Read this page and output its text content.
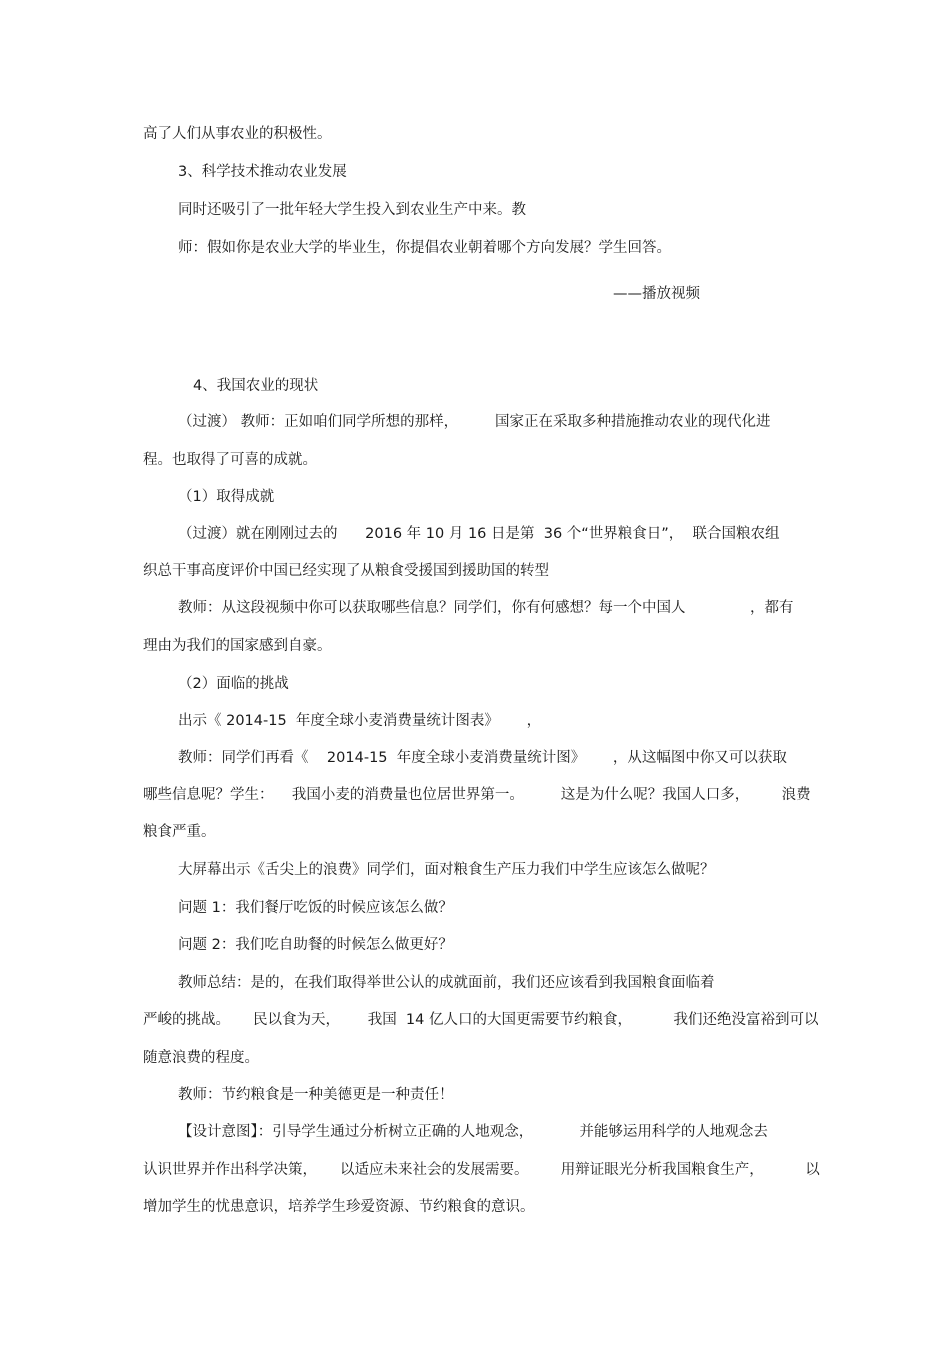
高了人们从事农业的积极性。
3、科学技术推动农业发展
同时还吸引了一批年轻大学生投入到农业生产中来。教
师：假如你是农业大学的毕业生，你提倡农业朝着哪个方向发展？学生回答。
——播放视频
4、我国农业的现状
（过渡） 教师：正如咱们同学所想的那样，        国家正在采取多种措施推动农业的现代化进
程。也取得了可喜的成就。
（1）取得成就
（过渡）就在刚刚过去的      2016 年 10 月 16 日是第  36 个“世界粮食日”，  联合国粮农组
织总干事高度评价中国已经实现了从粮食受援国到援助国的转型
教师：从这段视频中你可以获取哪些信息？同学们，你有何感想？每一个中国人              ，都有
理由为我们的国家感到自豪。
（2）面临的挑战
出示《 2014-15  年度全球小麦消费量统计图表》      ，
教师：同学们再看《    2014-15  年度全球小麦消费量统计图》      ，从这幅图中你又可以获取
哪些信息呢？学生：    我国小麦的消费量也位居世界第一。        这是为什么呢？我国人口多，       浪费
粮食严重。
大屏幕出示《舌尖上的浪费》同学们，面对粮食生产压力我们中学生应该怎么做呢？
问题 1：我们餐厅吃饭的时候应该怎么做？
问题 2：我们吃自助餐的时候怎么做更好？
教师总结：是的，在我们取得举世公认的成就面前，我们还应该看到我国粮食面临着
严峻的挑战。     民以食为天，      我国  14 亿人口的大国更需要节约粮食，         我们还绝没富裕到可以
随意浪费的程度。
教师：节约粮食是一种美德更是一种责任！
【设计意图】：引导学生通过分析树立正确的人地观念，          并能够运用科学的人地观念去
认识世界并作出科学决策，     以适应未来社会的发展需要。       用辩证眼光分析我国粮食生产，         以
增加学生的忧患意识，培养学生珍爱资源、节约粮食的意识。
